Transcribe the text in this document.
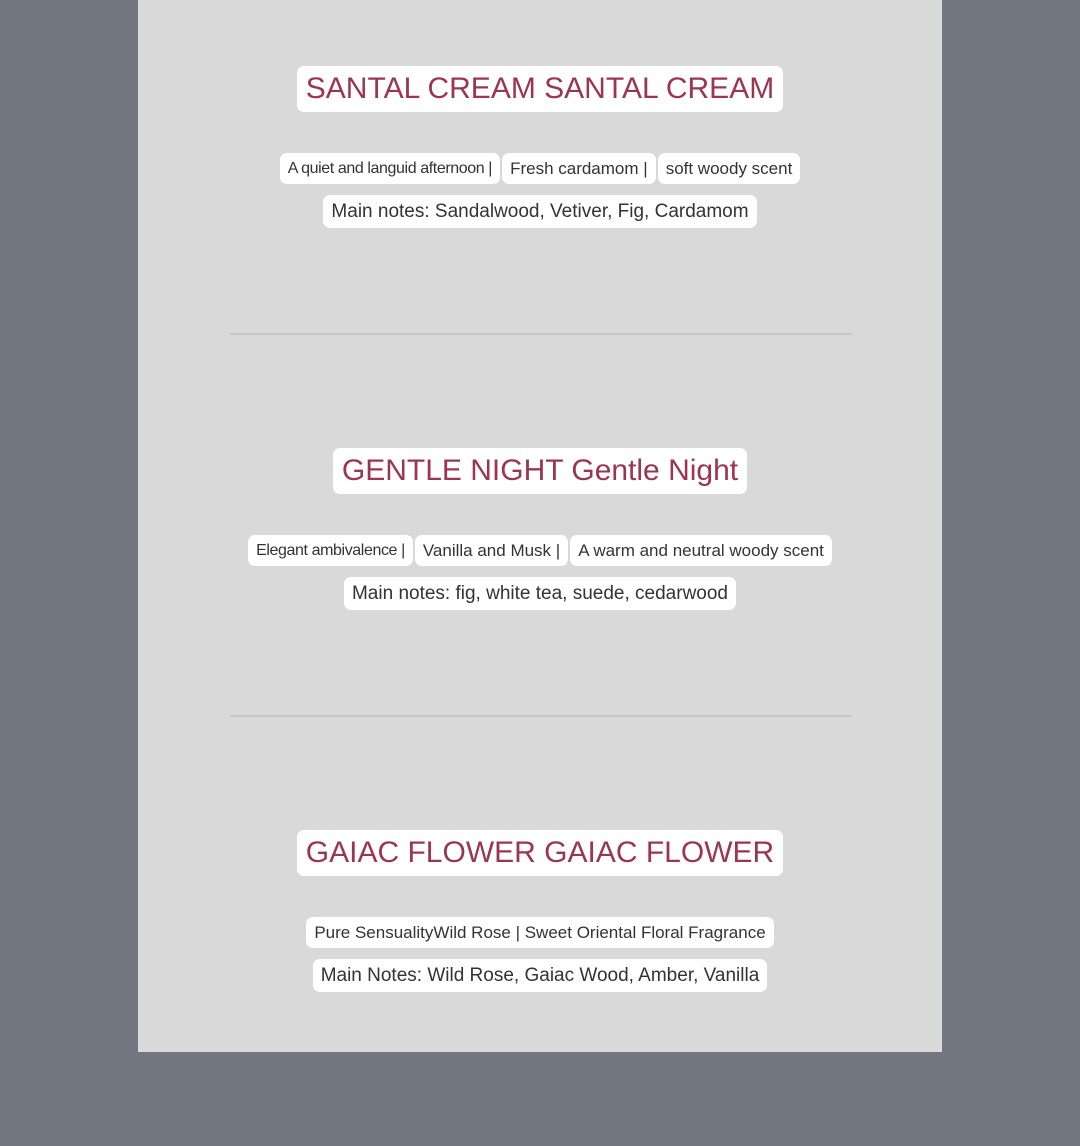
SANTAL CREAM SANTAL CREAM
A quiet and languid afternoon |	Fresh cardamom |	soft woody scent
Main notes: Sandalwood, Vetiver, Fig, Cardamom
GENTLE NIGHT Gentle Night
Elegant ambivalence |	Vanilla and Musk |	A warm and neutral woody scent
Main notes: fig, white tea, suede, cedarwood
GAIAC FLOWER GAIAC FLOWER
Pure SensualityWild Rose | Sweet Oriental Floral Fragrance
Main Notes: Wild Rose, Gaiac Wood, Amber, Vanilla
